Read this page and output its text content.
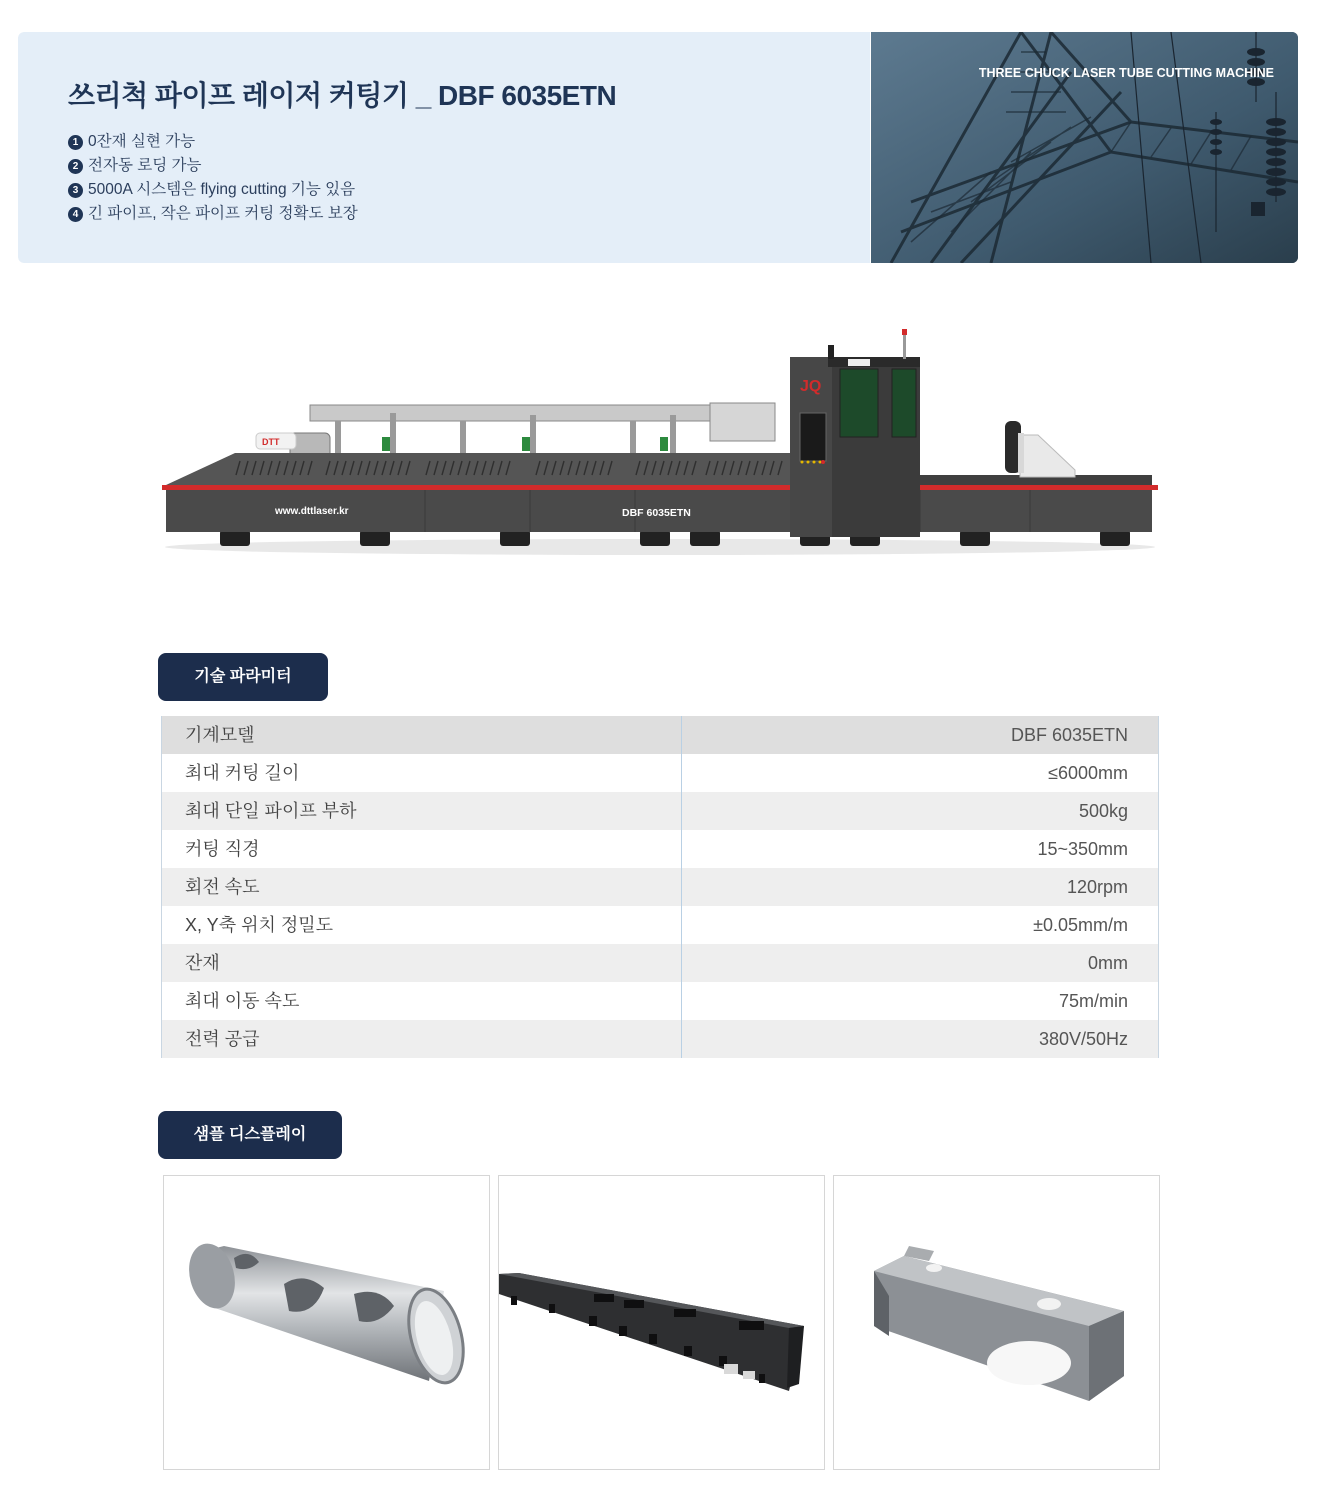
쓰리척 파이프 레이저 커팅기 _ DBF 6035ETN
1 0잔재 실현 가능
2 전자동 로딩 가능
3 5000A 시스템은 flying cutting 기능 있음
4 긴 파이프, 작은 파이프 커팅 정확도 보장
THREE CHUCK LASER TUBE CUTTING MACHINE
DTT
www.dttlaser.kr	DBF 6035ETN
JQ
기술 파라미터
기계모델	DBF 6035ETN
최대 커팅 길이	≤6000mm
최대 단일 파이프 부하	500kg
커팅 직경	15~350mm
회전 속도	120rpm
X, Y축 위치 정밀도	±0.05mm/m
잔재	0mm
최대 이동 속도	75m/min
전력 공급	380V/50Hz
샘플 디스플레이
